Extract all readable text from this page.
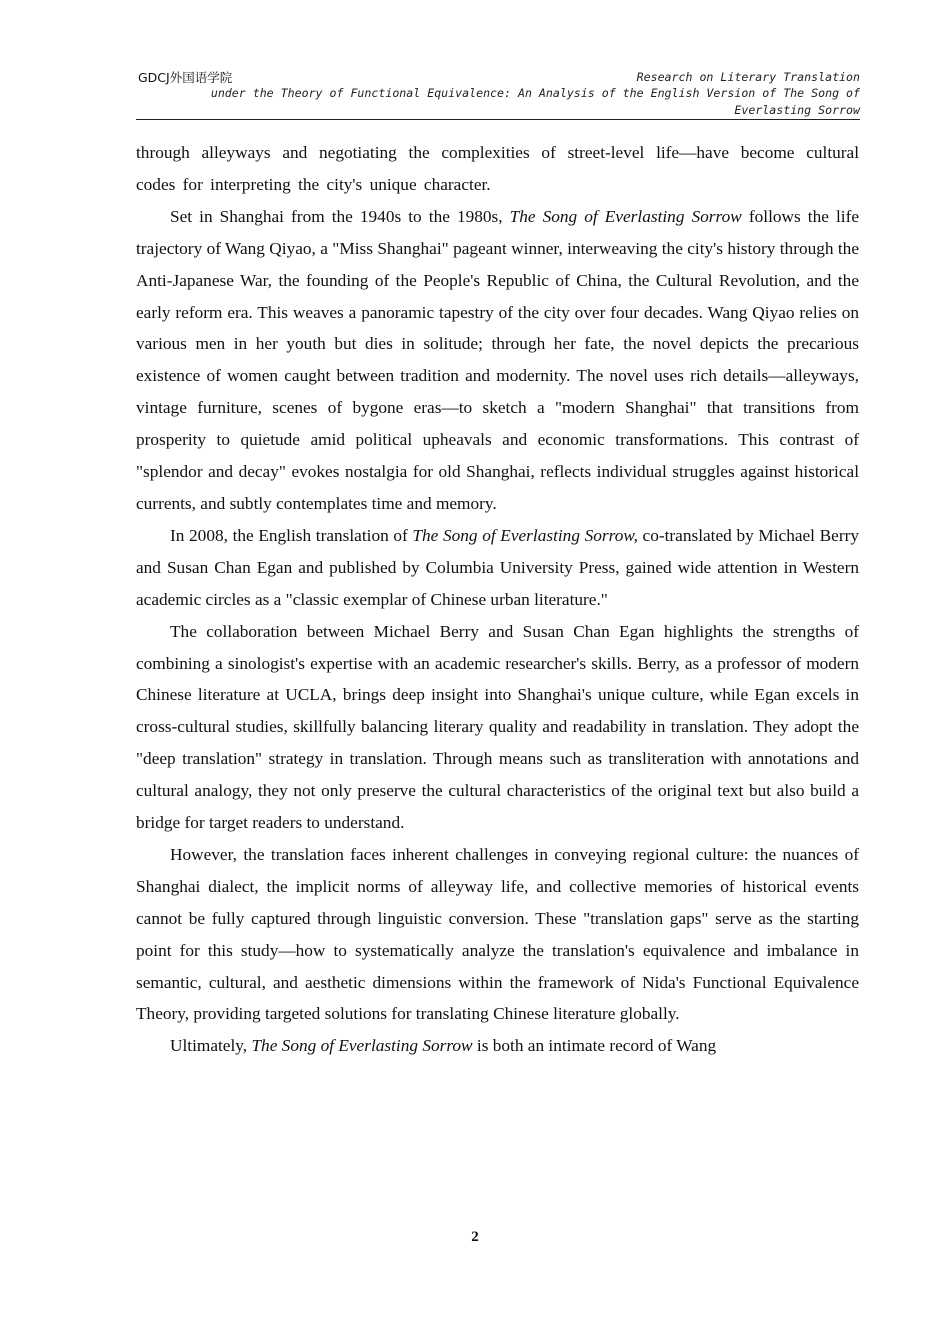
GDCJ外国语学院	Research on Literary Translation
under the Theory of Functional Equivalence: An Analysis of the English Version of The Song of
Everlasting Sorrow

through alleyways and negotiating the complexities of street-level life—have become cultural codes for interpreting the city's unique character.

Set in Shanghai from the 1940s to the 1980s, The Song of Everlasting Sorrow follows the life trajectory of Wang Qiyao, a "Miss Shanghai" pageant winner, interweaving the city's history through the Anti-Japanese War, the founding of the People's Republic of China, the Cultural Revolution, and the early reform era. This weaves a panoramic tapestry of the city over four decades. Wang Qiyao relies on various men in her youth but dies in solitude; through her fate, the novel depicts the precarious existence of women caught between tradition and modernity. The novel uses rich details—alleyways, vintage furniture, scenes of bygone eras—to sketch a "modern Shanghai" that transitions from prosperity to quietude amid political upheavals and economic transformations. This contrast of "splendor and decay" evokes nostalgia for old Shanghai, reflects individual struggles against historical currents, and subtly contemplates time and memory.

In 2008, the English translation of The Song of Everlasting Sorrow, co-translated by Michael Berry and Susan Chan Egan and published by Columbia University Press, gained wide attention in Western academic circles as a "classic exemplar of Chinese urban literature."

The collaboration between Michael Berry and Susan Chan Egan highlights the strengths of combining a sinologist's expertise with an academic researcher's skills. Berry, as a professor of modern Chinese literature at UCLA, brings deep insight into Shanghai's unique culture, while Egan excels in cross-cultural studies, skillfully balancing literary quality and readability in translation. They adopt the "deep translation" strategy in translation. Through means such as transliteration with annotations and cultural analogy, they not only preserve the cultural characteristics of the original text but also build a bridge for target readers to understand.

However, the translation faces inherent challenges in conveying regional culture: the nuances of Shanghai dialect, the implicit norms of alleyway life, and collective memories of historical events cannot be fully captured through linguistic conversion. These "translation gaps" serve as the starting point for this study—how to systematically analyze the translation's equivalence and imbalance in semantic, cultural, and aesthetic dimensions within the framework of Nida's Functional Equivalence Theory, providing targeted solutions for translating Chinese literature globally.

Ultimately, The Song of Everlasting Sorrow is both an intimate record of Wang

2
